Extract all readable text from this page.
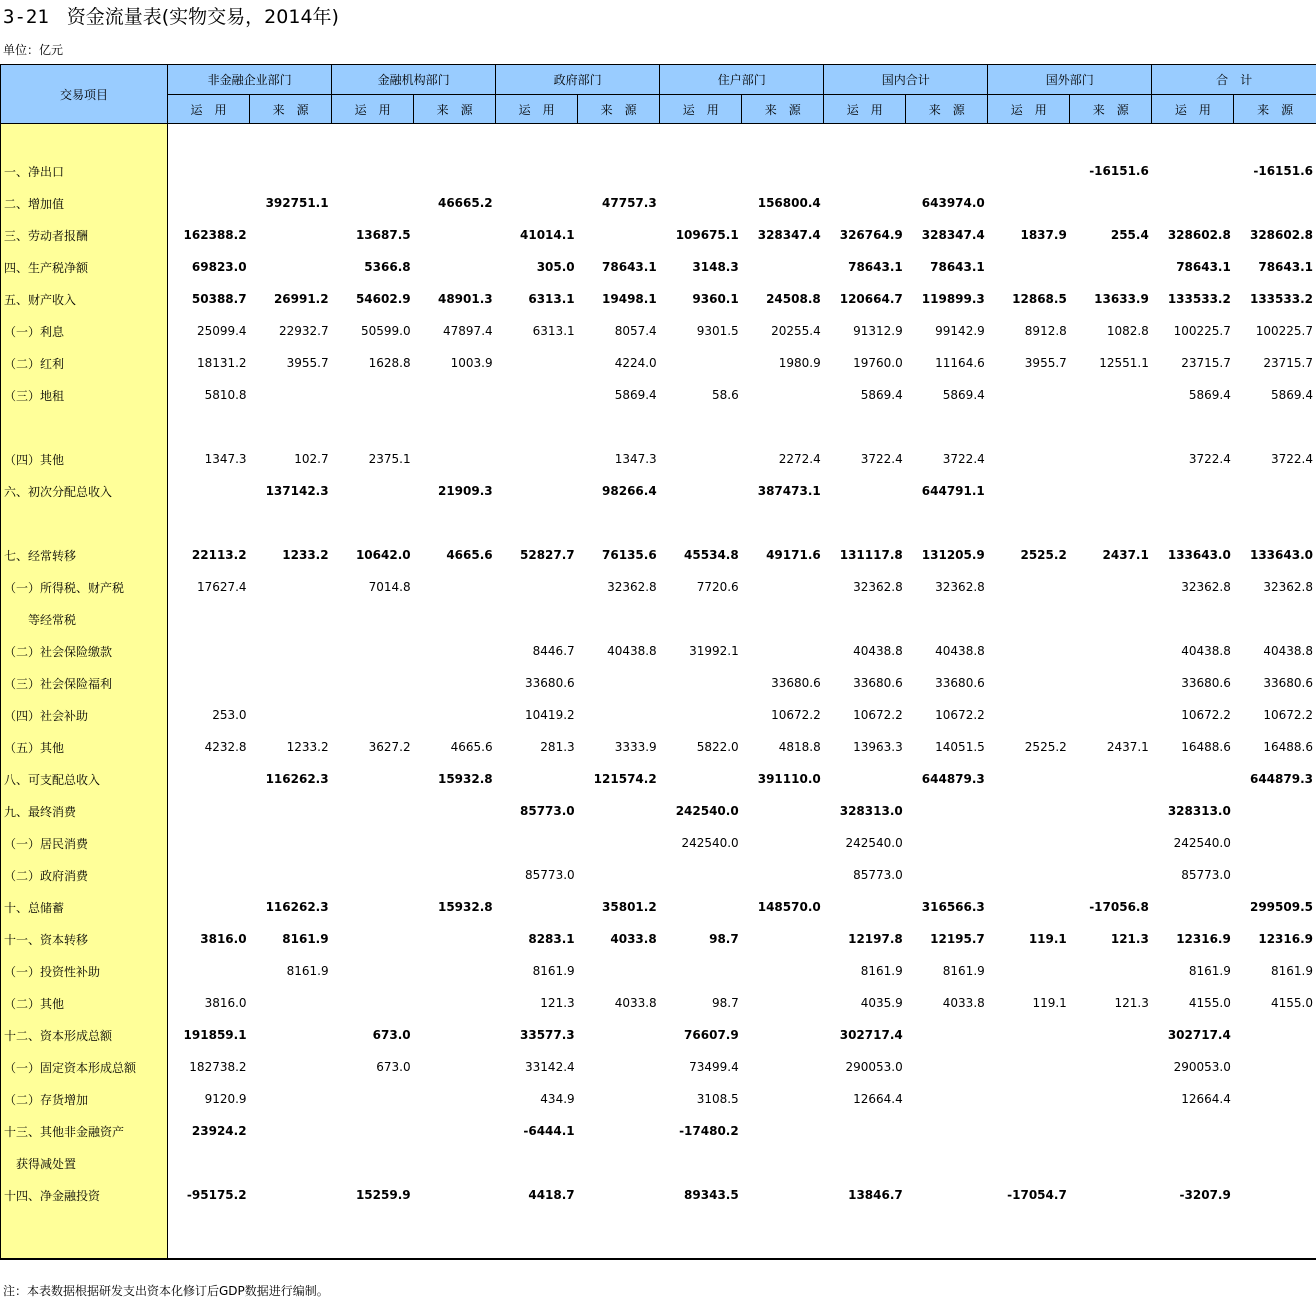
3-21 资金流量表(实物交易，2014年)
单位：亿元
交易项目	非金融企业部门		金融机构部门		政府部门		住户部门		国内合计		国外部门		合　计	
	运　用	来　源	运　用	来　源	运　用	来　源	运　用	来　源	运　用	来　源	运　用	来　源	运　用	来　源

一、净出口												-16151.6		-16151.6
二、增加值		392751.1		46665.2		47757.3		156800.4		643974.0				
三、劳动者报酬	162388.2		13687.5		41014.1		109675.1	328347.4	326764.9	328347.4	1837.9	255.4	328602.8	328602.8
四、生产税净额	69823.0		5366.8		305.0	78643.1	3148.3		78643.1	78643.1			78643.1	78643.1
五、财产收入	50388.7	26991.2	54602.9	48901.3	6313.1	19498.1	9360.1	24508.8	120664.7	119899.3	12868.5	13633.9	133533.2	133533.2
（一）利息	25099.4	22932.7	50599.0	47897.4	6313.1	8057.4	9301.5	20255.4	91312.9	99142.9	8912.8	1082.8	100225.7	100225.7
（二）红利	18131.2	3955.7	1628.8	1003.9		4224.0		1980.9	19760.0	11164.6	3955.7	12551.1	23715.7	23715.7
（三）地租	5810.8					5869.4	58.6		5869.4	5869.4			5869.4	5869.4

（四）其他	1347.3	102.7	2375.1			1347.3		2272.4	3722.4	3722.4			3722.4	3722.4
六、初次分配总收入		137142.3		21909.3		98266.4		387473.1		644791.1				

七、经常转移	22113.2	1233.2	10642.0	4665.6	52827.7	76135.6	45534.8	49171.6	131117.8	131205.9	2525.2	2437.1	133643.0	133643.0
（一）所得税、财产税	17627.4		7014.8			32362.8	7720.6		32362.8	32362.8			32362.8	32362.8
　　等经常税														
（二）社会保险缴款					8446.7	40438.8	31992.1		40438.8	40438.8			40438.8	40438.8
（三）社会保险福利					33680.6			33680.6	33680.6	33680.6			33680.6	33680.6
（四）社会补助	253.0				10419.2			10672.2	10672.2	10672.2			10672.2	10672.2
（五）其他	4232.8	1233.2	3627.2	4665.6	281.3	3333.9	5822.0	4818.8	13963.3	14051.5	2525.2	2437.1	16488.6	16488.6
八、可支配总收入		116262.3		15932.8		121574.2		391110.0		644879.3				644879.3
九、最终消费					85773.0		242540.0		328313.0				328313.0	
（一）居民消费							242540.0		242540.0				242540.0	
（二）政府消费					85773.0				85773.0				85773.0	
十、总储蓄		116262.3		15932.8		35801.2		148570.0		316566.3		-17056.8		299509.5
十一、资本转移	3816.0	8161.9			8283.1	4033.8	98.7		12197.8	12195.7	119.1	121.3	12316.9	12316.9
（一）投资性补助		8161.9			8161.9				8161.9	8161.9			8161.9	8161.9
（二）其他	3816.0				121.3	4033.8	98.7		4035.9	4033.8	119.1	121.3	4155.0	4155.0
十二、资本形成总额	191859.1		673.0		33577.3		76607.9		302717.4				302717.4	
（一）固定资本形成总额	182738.2		673.0		33142.4		73499.4		290053.0				290053.0	
（二）存货增加	9120.9				434.9		3108.5		12664.4				12664.4	
十三、其他非金融资产	23924.2				-6444.1		-17480.2							
　获得减处置														
十四、净金融投资	-95175.2		15259.9		4418.7		89343.5		13846.7		-17054.7		-3207.9	

注：本表数据根据研发支出资本化修订后GDP数据进行编制。
